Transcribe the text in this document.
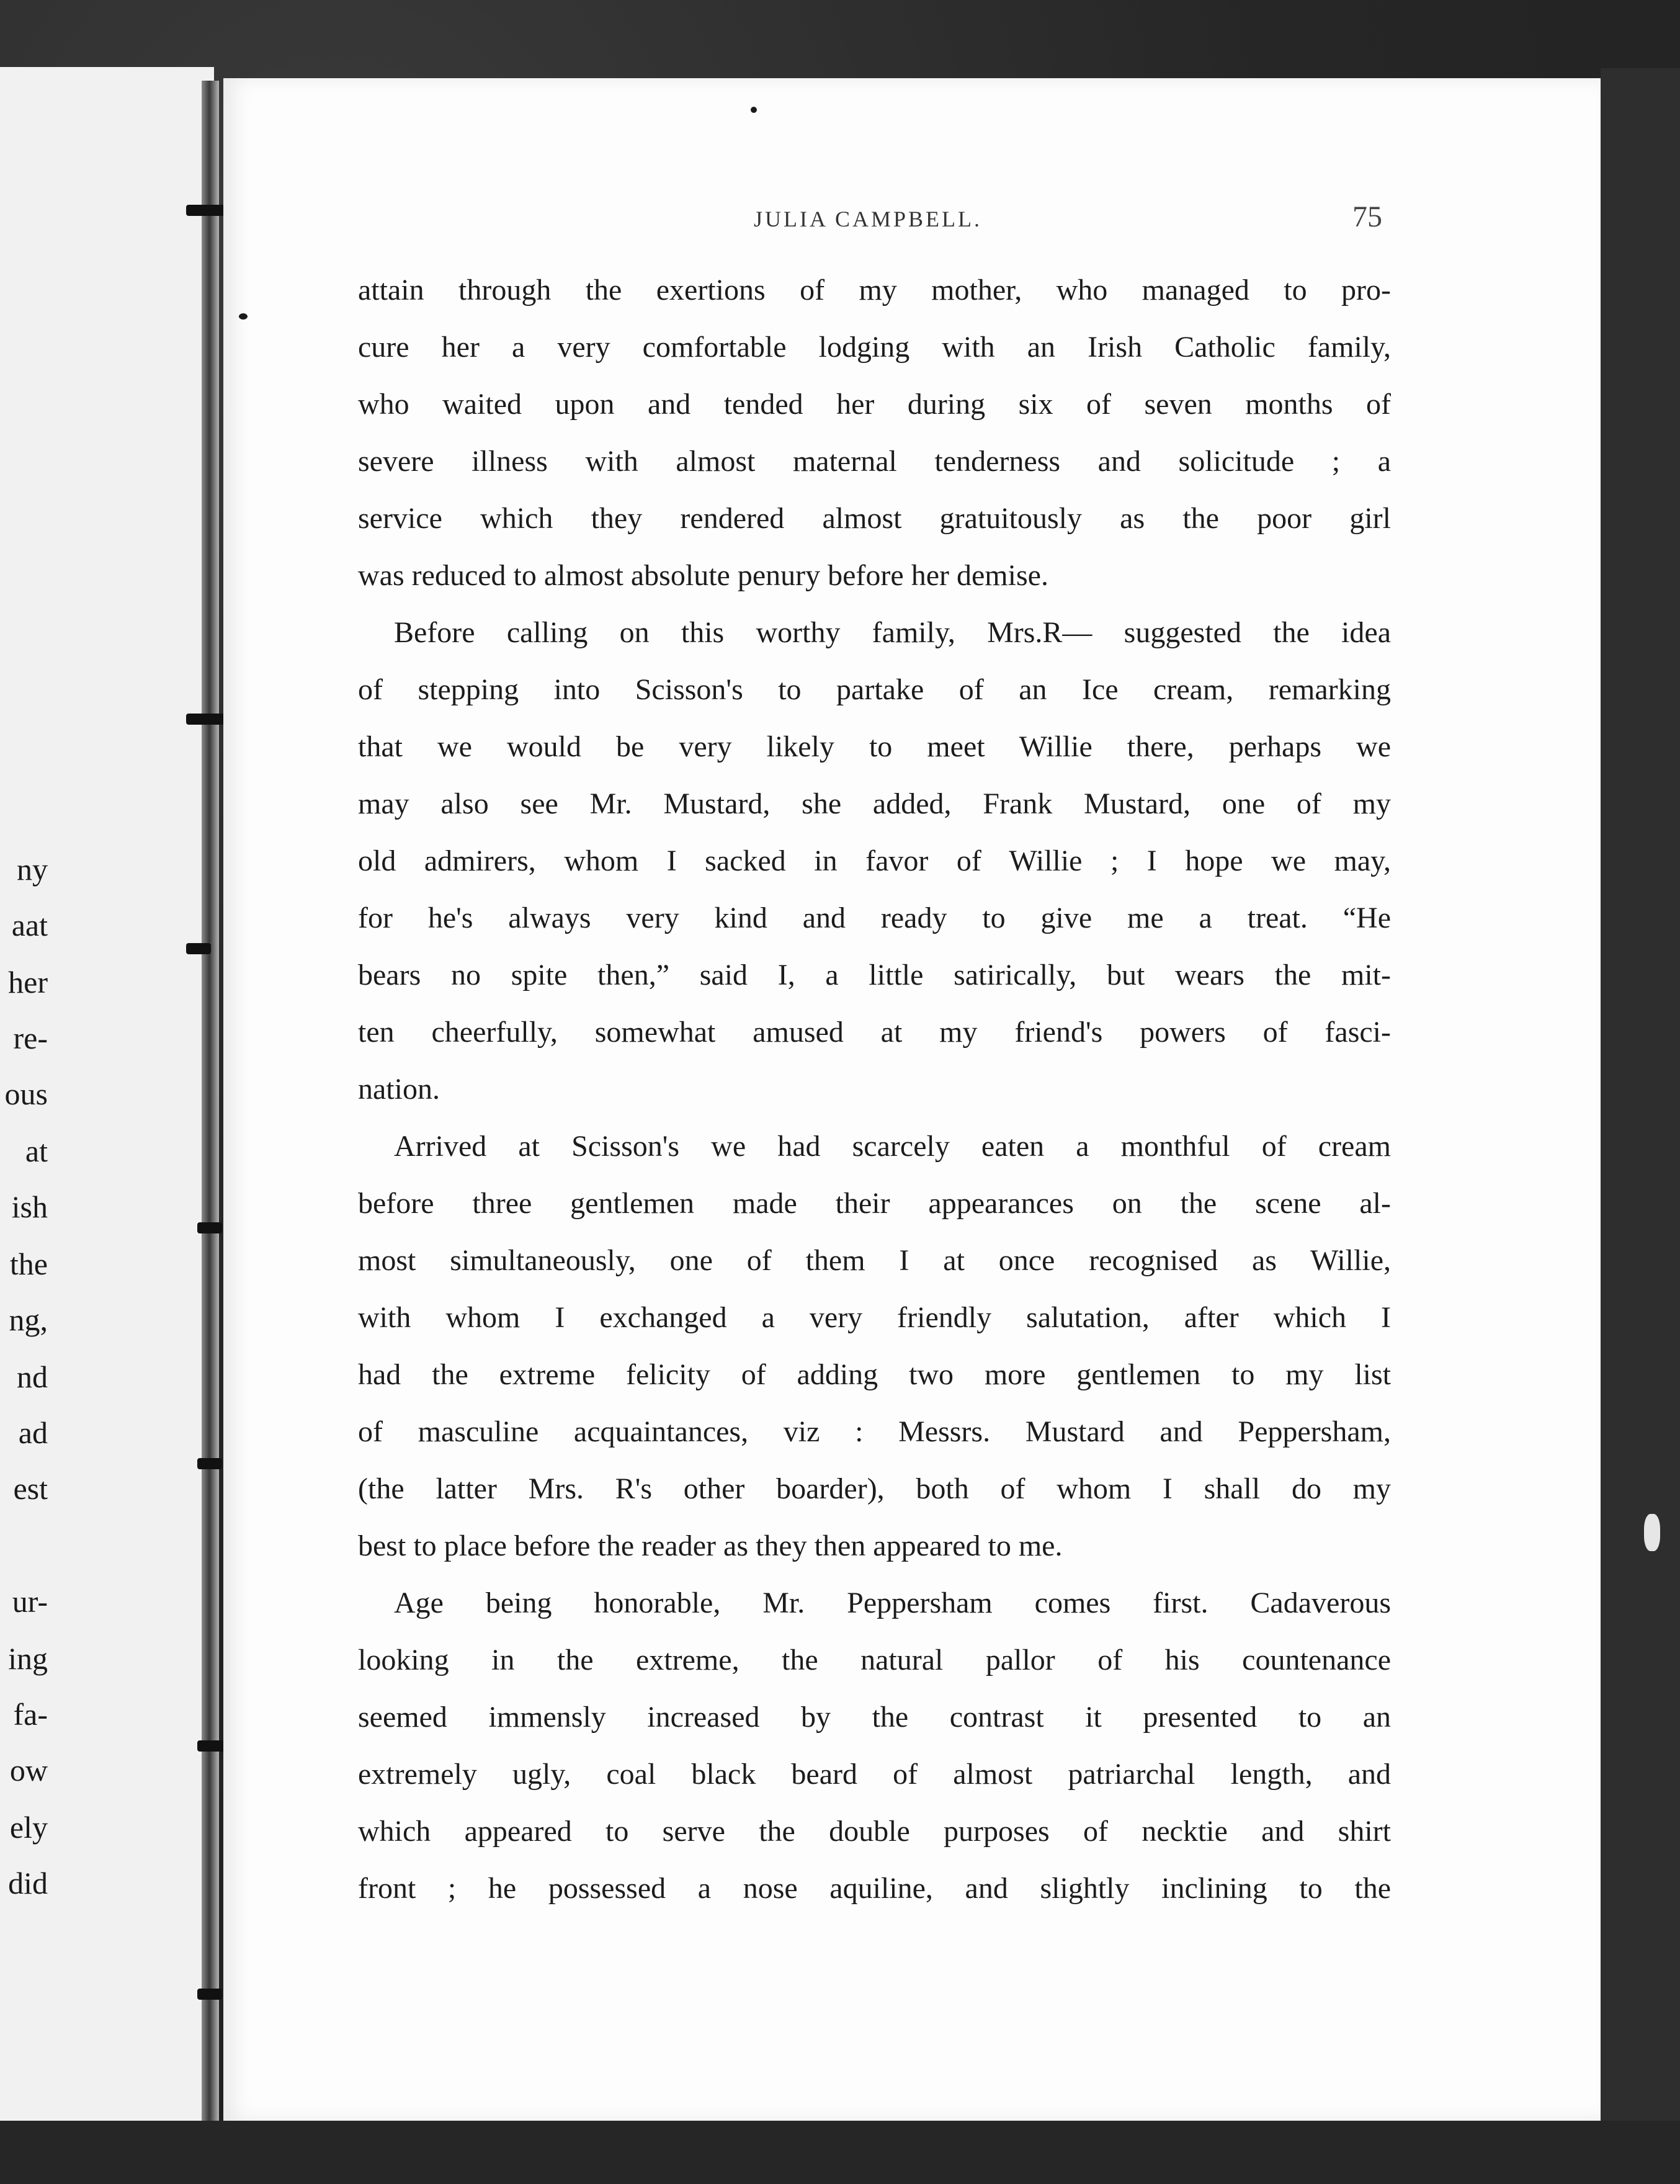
ny
aat
her
re-
ous
at
ish
the
ng,
nd
ad
est
ur-
ing
fa-
ow
ely
did
JULIA CAMPBELL.	75
attain through the exertions of my mother, who managed to pro-
cure her a very comfortable lodging with an Irish Catholic family,
who waited upon and tended her during six of seven months of
severe illness with almost maternal tenderness and solicitude ; a
service which they rendered almost gratuitously as the poor girl
was reduced to almost absolute penury before her demise.
Before calling on this worthy family, Mrs.R— suggested the idea
of stepping into Scisson's to partake of an Ice cream, remarking
that we would be very likely to meet Willie there, perhaps we
may also see Mr. Mustard, she added, Frank Mustard, one of my
old admirers, whom I sacked in favor of Willie ; I hope we may,
for he's always very kind and ready to give me a treat. “He
bears no spite then,” said I, a little satirically, but wears the mit-
ten cheerfully, somewhat amused at my friend's powers of fasci-
nation.
Arrived at Scisson's we had scarcely eaten a monthful of cream
before three gentlemen made their appearances on the scene al-
most simultaneously, one of them I at once recognised as Willie,
with whom I exchanged a very friendly salutation, after which I
had the extreme felicity of adding two more gentlemen to my list
of masculine acquaintances, viz : Messrs. Mustard and Peppersham,
(the latter Mrs. R's other boarder), both of whom I shall do my
best to place before the reader as they then appeared to me.
Age being honorable, Mr. Peppersham comes first. Cadaverous
looking in the extreme, the natural pallor of his countenance
seemed immensly increased by the contrast it presented to an
extremely ugly, coal black beard of almost patriarchal length, and
which appeared to serve the double purposes of necktie and shirt
front ; he possessed a nose aquiline, and slightly inclining to the
